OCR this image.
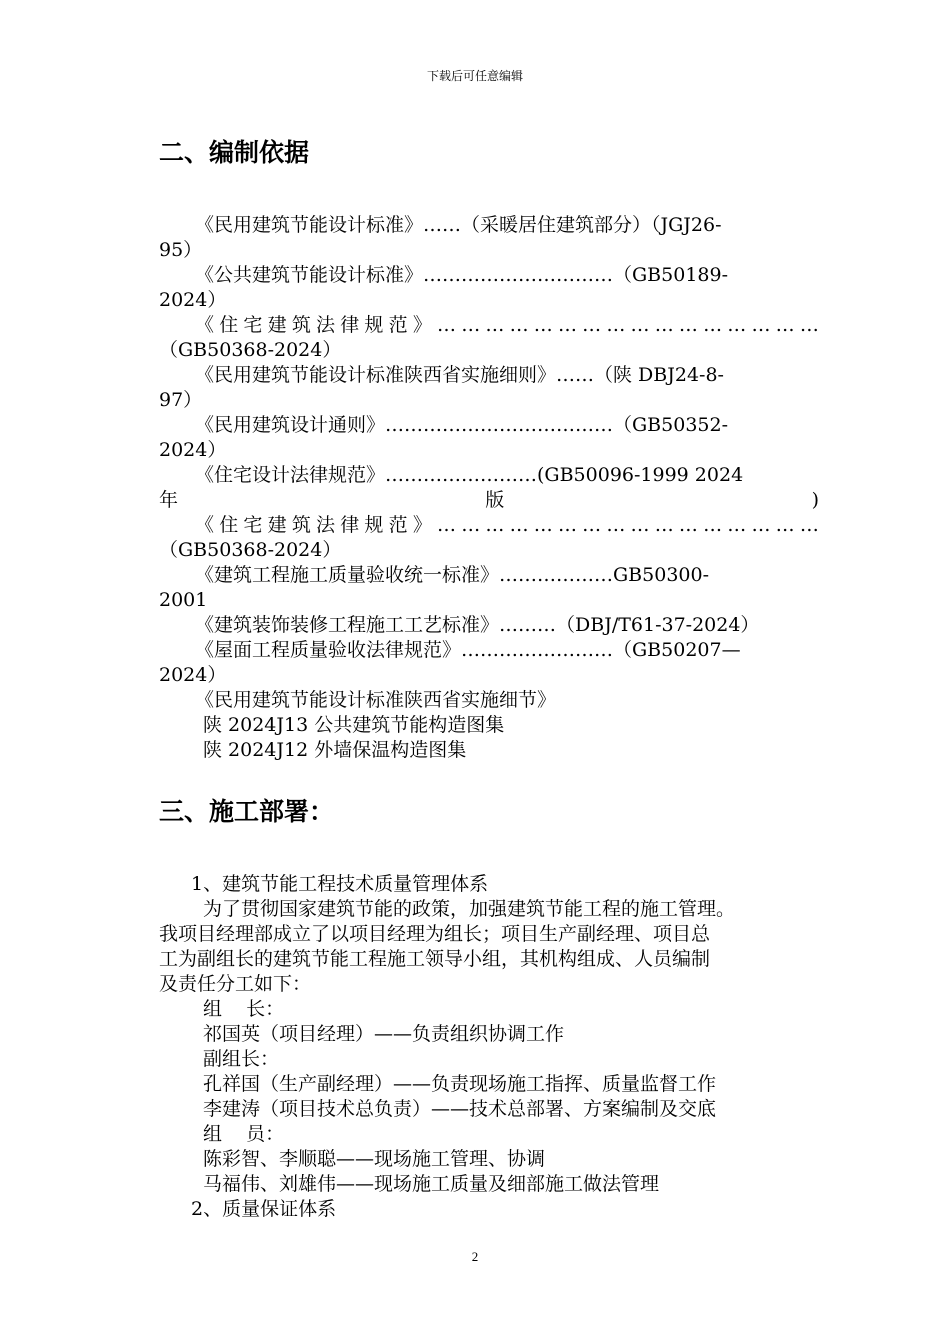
下载后可任意编辑
二、编制依据
《民用建筑节能设计标准》……（采暖居住建筑部分）（JGJ26-
95）
《公共建筑节能设计标准》…………………………（GB50189-
2024）
《 住 宅 建 筑 法 律 规 范 》 … … … … … … … … … … … … … … … …
（GB50368-2024）
《民用建筑节能设计标准陕西省实施细则》……（陕 DBJ24-8-
97）
《民用建筑设计通则》………………………………（GB50352-
2024）
《住宅设计法律规范》……………………(GB50096-1999 2024
年	版	)
《 住 宅 建 筑 法 律 规 范 》 … … … … … … … … … … … … … … … …
（GB50368-2024）
《建筑工程施工质量验收统一标准》………………GB50300-
2001
《建筑装饰装修工程施工工艺标准》………（DBJ/T61-37-2024）
《屋面工程质量验收法律规范》……………………（GB50207—
2024）
《民用建筑节能设计标准陕西省实施细节》
陕 2024J13 公共建筑节能构造图集
陕 2024J12 外墙保温构造图集
三、施工部署：
1、建筑节能工程技术质量管理体系
为了贯彻国家建筑节能的政策，加强建筑节能工程的施工管理。
我项目经理部成立了以项目经理为组长；项目生产副经理、项目总
工为副组长的建筑节能工程施工领导小组，其机构组成、人员编制
及责任分工如下：
组    长：
祁国英（项目经理）——负责组织协调工作
副组长：
孔祥国（生产副经理）——负责现场施工指挥、质量监督工作
李建涛（项目技术总负责）——技术总部署、方案编制及交底
组    员：
陈彩智、李顺聪——现场施工管理、协调
马福伟、刘雄伟——现场施工质量及细部施工做法管理
2、质量保证体系
2
